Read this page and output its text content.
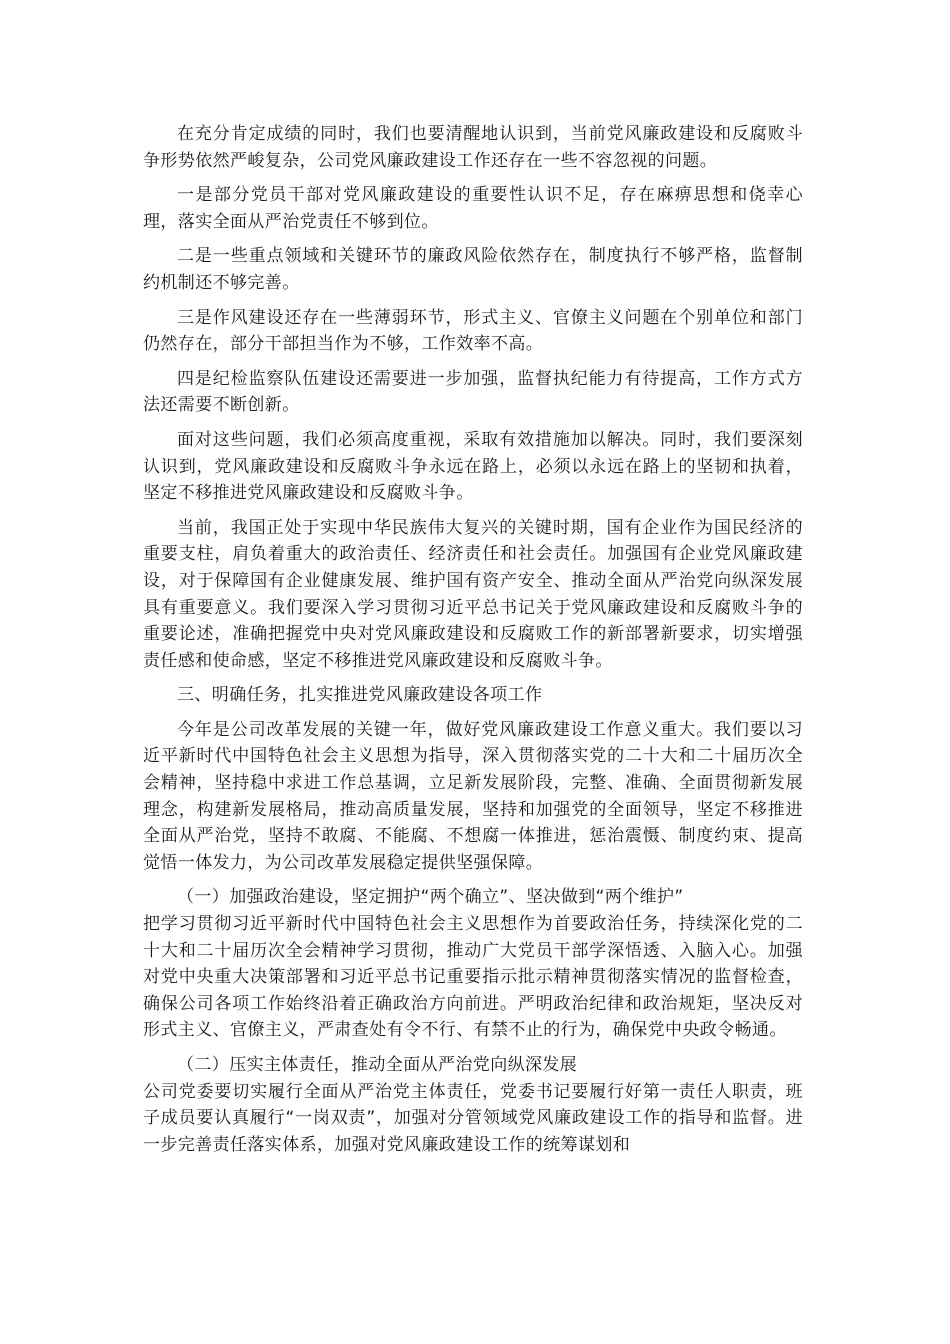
在充分肯定成绩的同时，我们也要清醒地认识到，当前党风廉政建设和反腐败斗争形势依然严峻复杂，公司党风廉政建设工作还存在一些不容忽视的问题。

一是部分党员干部对党风廉政建设的重要性认识不足，存在麻痹思想和侥幸心理，落实全面从严治党责任不够到位。

二是一些重点领域和关键环节的廉政风险依然存在，制度执行不够严格，监督制约机制还不够完善。

三是作风建设还存在一些薄弱环节，形式主义、官僚主义问题在个别单位和部门仍然存在，部分干部担当作为不够，工作效率不高。

四是纪检监察队伍建设还需要进一步加强，监督执纪能力有待提高，工作方式方法还需要不断创新。

面对这些问题，我们必须高度重视，采取有效措施加以解决。同时，我们要深刻认识到，党风廉政建设和反腐败斗争永远在路上，必须以永远在路上的坚韧和执着，坚定不移推进党风廉政建设和反腐败斗争。

当前，我国正处于实现中华民族伟大复兴的关键时期，国有企业作为国民经济的重要支柱，肩负着重大的政治责任、经济责任和社会责任。加强国有企业党风廉政建设，对于保障国有企业健康发展、维护国有资产安全、推动全面从严治党向纵深发展具有重要意义。我们要深入学习贯彻习近平总书记关于党风廉政建设和反腐败斗争的重要论述，准确把握党中央对党风廉政建设和反腐败工作的新部署新要求，切实增强责任感和使命感，坚定不移推进党风廉政建设和反腐败斗争。

三、明确任务，扎实推进党风廉政建设各项工作

今年是公司改革发展的关键一年，做好党风廉政建设工作意义重大。我们要以习近平新时代中国特色社会主义思想为指导，深入贯彻落实党的二十大和二十届历次全会精神，坚持稳中求进工作总基调，立足新发展阶段，完整、准确、全面贯彻新发展理念，构建新发展格局，推动高质量发展，坚持和加强党的全面领导，坚定不移推进全面从严治党，坚持不敢腐、不能腐、不想腐一体推进，惩治震慑、制度约束、提高觉悟一体发力，为公司改革发展稳定提供坚强保障。

（一）加强政治建设，坚定拥护“两个确立”、坚决做到“两个维护”

把学习贯彻习近平新时代中国特色社会主义思想作为首要政治任务，持续深化党的二十大和二十届历次全会精神学习贯彻，推动广大党员干部学深悟透、入脑入心。加强对党中央重大决策部署和习近平总书记重要指示批示精神贯彻落实情况的监督检查，确保公司各项工作始终沿着正确政治方向前进。严明政治纪律和政治规矩，坚决反对形式主义、官僚主义，严肃查处有令不行、有禁不止的行为，确保党中央政令畅通。

（二）压实主体责任，推动全面从严治党向纵深发展

公司党委要切实履行全面从严治党主体责任，党委书记要履行好第一责任人职责，班子成员要认真履行“一岗双责”，加强对分管领域党风廉政建设工作的指导和监督。进一步完善责任落实体系，加强对党风廉政建设工作的统筹谋划和
